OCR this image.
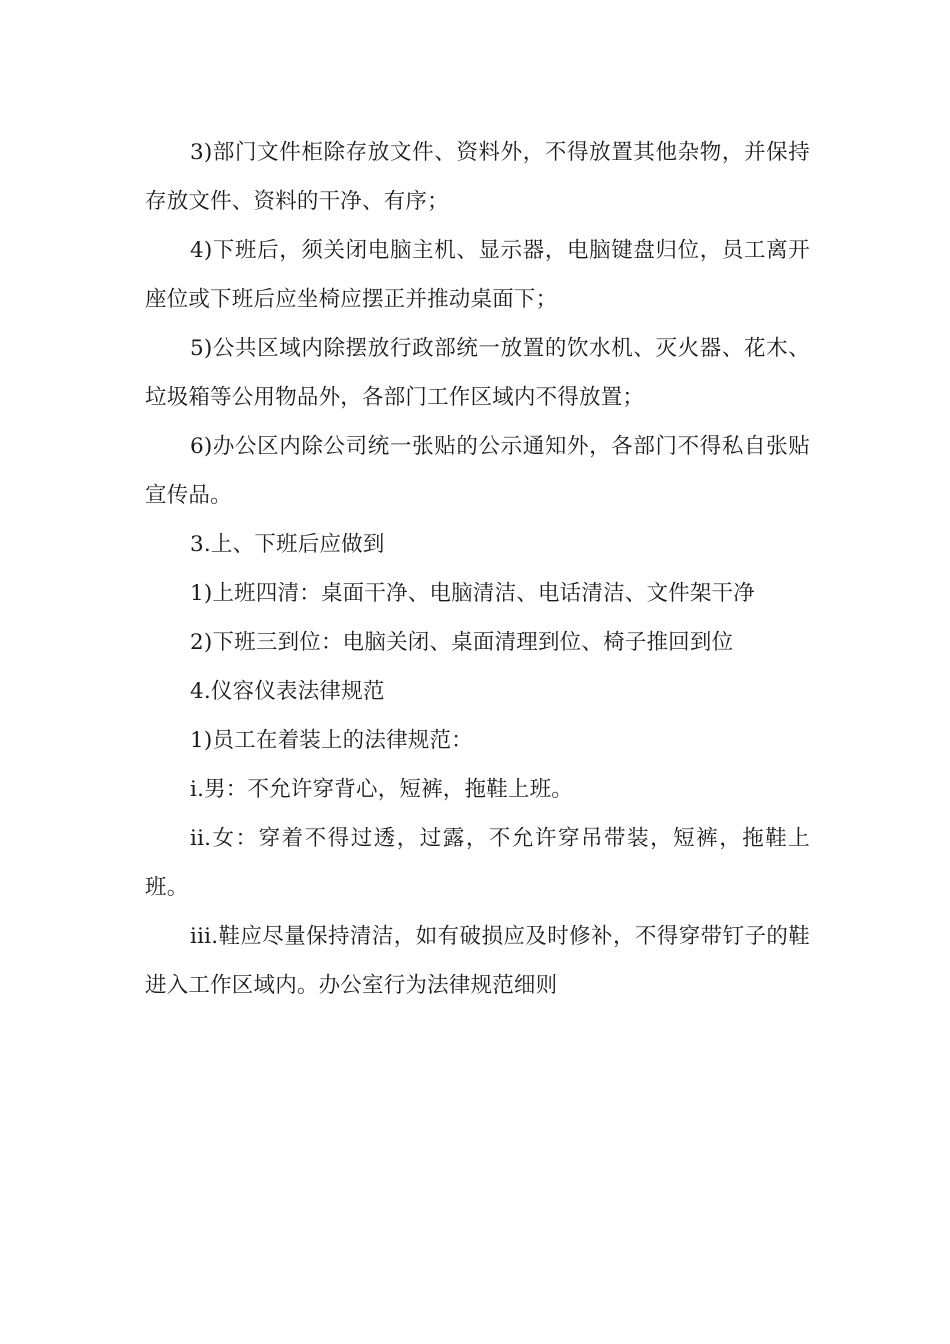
3)部门文件柜除存放文件、资料外，不得放置其他杂物，并保持存放文件、资料的干净、有序；

4)下班后，须关闭电脑主机、显示器，电脑键盘归位，员工离开座位或下班后应坐椅应摆正并推动桌面下；

5)公共区域内除摆放行政部统一放置的饮水机、灭火器、花木、垃圾箱等公用物品外，各部门工作区域内不得放置；

6)办公区内除公司统一张贴的公示通知外，各部门不得私自张贴宣传品。

3.上、下班后应做到

1)上班四清：桌面干净、电脑清洁、电话清洁、文件架干净

2)下班三到位：电脑关闭、桌面清理到位、椅子推回到位

4.仪容仪表法律规范

1)员工在着装上的法律规范：

i.男：不允许穿背心，短裤，拖鞋上班。

ii.女：穿着不得过透，过露，不允许穿吊带装，短裤，拖鞋上班。

iii.鞋应尽量保持清洁，如有破损应及时修补，不得穿带钉子的鞋进入工作区域内。办公室行为法律规范细则
